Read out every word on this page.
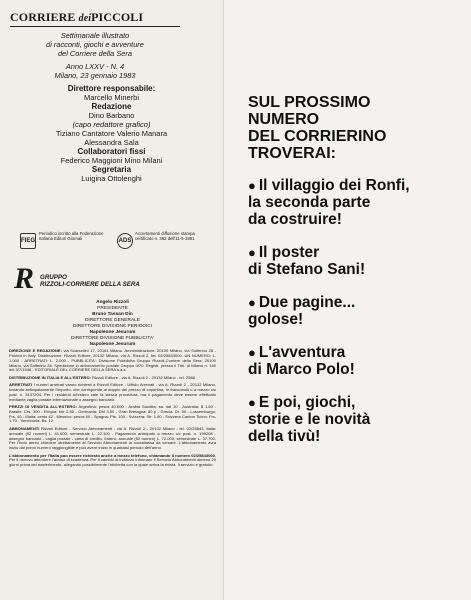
CORRIERE deiPICCOLI
Settimanale illustrato
di racconti, giochi e avventure
del Corriere della Sera
Anno LXXV - N. 4
Milano, 23 gennaio 1983
Direttore responsabile:
Marcello Minerbi
Redazione
Dino Barbano
(capo redattore grafico)
Tiziano Cantatore Valerio Manara
Alessandra Sala
Collaboratori fissi
Federico Maggioni Mino Milani
Segretaria
Luigina Ottolenghi
FIEG
Periodico iscritto alla Federazione Italiana Editori Giornali	ADS
Accertamenti diffusione stampa certificato n. 362 dell'11-5-1981
R GRUPPO
RIZZOLI-CORRIERE DELLA SERA
Angelo Rizzoli
PRESIDENTE
Bruno Tassan Din
DIRETTORE GENERALE
DIRETTORE DIVISIONE PERIODICI
Napoleone Jesurum
DIRETTORE DIVISIONE PUBBLICITA'
Napoleone Jesurum

DIREZIONE E REDAZIONE: via Scarsellini 17, 20161 Milano. Amministrazione: 20100 Milano, via Solferino 28 - Printed in Italy. Distribuzione: Rizzoli Editore, 20132 Milano, via A. Rizzoli 2, tel. 02/25843000. UN NUMERO: L. 1.000 - ARRETRATI: L. 2.000 - PUBBLICITA': Divisione Pubblicita Gruppo Rizzoli-Corriere della Sera, 20100 Milano, via Solferino 28. Spedizione in abbonamento postale Gruppo II/70. Registr. presso il Trib. di Milano n. 140 del 3/7/1946 - EDITORIALE DEL CORRIERE DELLA SERA s.a.s.

DISTRIBUZIONE IN ITALIA E ALL'ESTERO: Rizzoli Editore - via A. Rizzoli 2 - 20132 Milano - tel. 2588.

ARRETRATI I numeri arretrati vanno richiesti a Rizzoli Editore - Ufficio Arretrati - via A. Rizzoli 2 - 20132 Milano, inviando anticipatamente l'importo, che corrisponde al doppio del prezzo di copertina, in francobolli o a mezzo c/c post. n. 3137204. Per i residenti all'estero vale la stessa procedura, ma il pagamento deve essere effettuato mediante vaglia postale internazionale o assegno bancario.

PREZZI DI VENDITA ALL'ESTERO: Argentina: pesos 40.000 - Arabia Saudita: sa. rial 10 - Australia: $ 1.60 - Brasile: Crs. 300 - Etiopia: birr 2.50 - Germania: DM 3.50 - Gran Bretagna: 80 p - Grecia: Dr. 90 - Lussemburgo: Frs. 40 - Malta: cents 42 - Messico: pesos 60 - Spagna: Pts. 100 - Svizzera: Sfr. 1.90 - Svizzera Canton Ticino: Frs. 1.70 - Venezuela: Bs. 12.

ABBONAMENTI Rizzoli Editore - Servizio Abbonamenti - via A. Rizzoli 2 - 20132 Milano - tel. 02/25843. Italia: annuale (52 numeri) L. 41.600; semestrale L. 22.100 - Pagamento anticipato a mezzo c/c post. n. 199208 - assegno bancario - vaglia postale - carta di credito. Estero: annuale (52 numeri) L. 72.000; semestrale L. 37.700. Per l'invio aereo chiedere direttamente al Servizio Abbonamenti la sovrattassa da versare. L'abbonamento avra inizio dal primo numero raggiungibile e puo avere inizio in qualsiasi periodo dell'anno.

L'abbonamento per l'Italia puo essere richiesto anche a mezzo telefono, chiamando il numero 02/25843000. Per il rinnovo attendere l'avviso di scadenza. Per il cambio di indirizzo informare il Servizio Abbonamenti almeno 20 giorni prima del trasferimento, allegando possibilmente l'etichetta con la quale arriva la rivista. Il servizio e gratuito.

SUL PROSSIMO
NUMERO
DEL CORRIERINO
TROVERAI:
● Il villaggio dei Ronfi,
la seconda parte
da costruire!
● Il poster
di Stefano Sani!
● Due pagine...
golose!
● L'avventura
di Marco Polo!
● E poi, giochi,
storie e le novità
della tivù!
